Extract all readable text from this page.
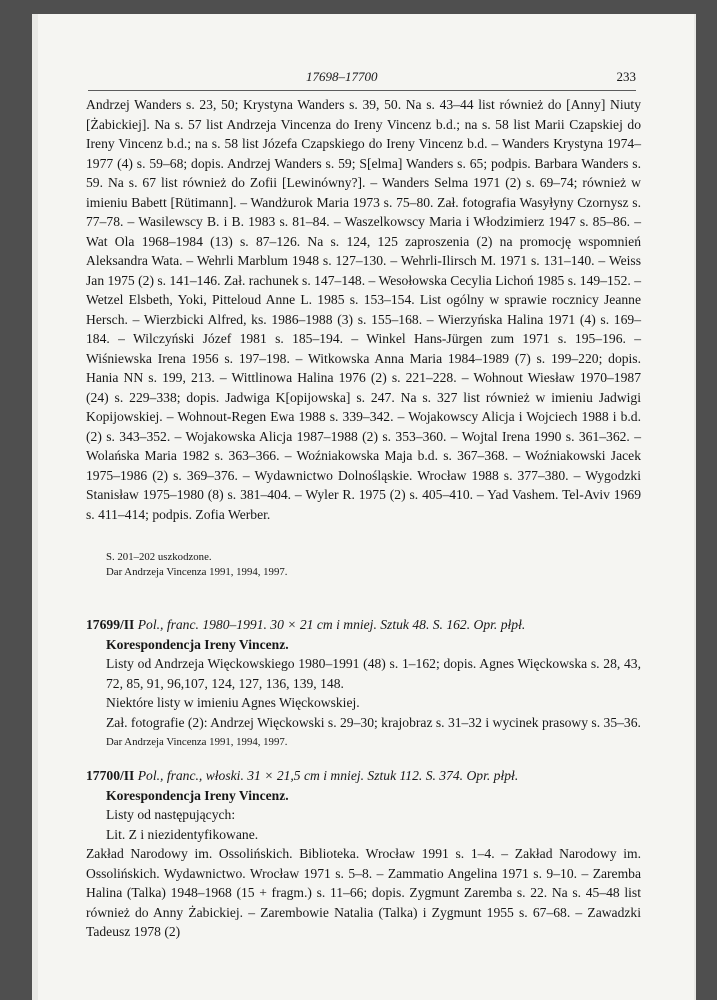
17698–17700	233

Andrzej Wanders s. 23, 50; Krystyna Wanders s. 39, 50. Na s. 43–44 list również do [Anny] Niuty [Żabickiej]. Na s. 57 list Andrzeja Vincenza do Ireny Vincenz b.d.; na s. 58 list Marii Czapskiej do Ireny Vincenz b.d.; na s. 58 list Józefa Czapskiego do Ireny Vincenz b.d. – Wanders Krystyna 1974–1977 (4) s. 59–68; dopis. Andrzej Wanders s. 59; S[elma] Wanders s. 65; podpis. Barbara Wanders s. 59. Na s. 67 list również do Zofii [Lewinówny?]. – Wanders Selma 1971 (2) s. 69–74; również w imieniu Babett [Rütimann]. – Wandżurok Maria 1973 s. 75–80. Zał. fotografia Wasyłyny Czornysz s. 77–78. – Wasilewscy B. i B. 1983 s. 81–84. – Waszelkowscy Maria i Włodzimierz 1947 s. 85–86. – Wat Ola 1968–1984 (13) s. 87–126. Na s. 124, 125 zaproszenia (2) na promocję wspomnień Aleksandra Wata. – Wehrli Marblum 1948 s. 127–130. – Wehrli-Ilirsch M. 1971 s. 131–140. – Weiss Jan 1975 (2) s. 141–146. Zał. rachunek s. 147–148. – Wesołowska Cecylia Lichoń 1985 s. 149–152. – Wetzel Elsbeth, Yoki, Pitteloud Anne L. 1985 s. 153–154. List ogólny w sprawie rocznicy Jeanne Hersch. – Wierzbicki Alfred, ks. 1986–1988 (3) s. 155–168. – Wierzyńska Halina 1971 (4) s. 169–184. – Wilczyński Józef 1981 s. 185–194. – Winkel Hans-Jürgen zum 1971 s. 195–196. – Wiśniewska Irena 1956 s. 197–198. – Witkowska Anna Maria 1984–1989 (7) s. 199–220; dopis. Hania NN s. 199, 213. – Wittlinowa Halina 1976 (2) s. 221–228. – Wohnout Wiesław 1970–1987 (24) s. 229–338; dopis. Jadwiga K[opijowska] s. 247. Na s. 327 list również w imieniu Jadwigi Kopijowskiej. – Wohnout-Regen Ewa 1988 s. 339–342. – Wojakowscy Alicja i Wojciech 1988 i b.d. (2) s. 343–352. – Wojakowska Alicja 1987–1988 (2) s. 353–360. – Wojtal Irena 1990 s. 361–362. – Wolańska Maria 1982 s. 363–366. – Woźniakowska Maja b.d. s. 367–368. – Woźniakowski Jacek 1975–1986 (2) s. 369–376. – Wydawnictwo Dolnośląskie. Wrocław 1988 s. 377–380. – Wygodzki Stanisław 1975–1980 (8) s. 381–404. – Wyler R. 1975 (2) s. 405–410. – Yad Vashem. Tel-Aviv 1969 s. 411–414; podpis. Zofia Werber.

S. 201–202 uszkodzone.

Dar Andrzeja Vincenza 1991, 1994, 1997.

17699/II Pol., franc. 1980–1991. 30 × 21 cm i mniej. Sztuk 48. S. 162. Opr. płpł.

Korespondencja Ireny Vincenz.

Listy od Andrzeja Więckowskiego 1980–1991 (48) s. 1–162; dopis. Agnes Więckowska s. 28, 43, 72, 85, 91, 96,107, 124, 127, 136, 139, 148.

Niektóre listy w imieniu Agnes Więckowskiej.

Zał. fotografie (2): Andrzej Więckowski s. 29–30; krajobraz s. 31–32 i wycinek prasowy s. 35–36.

Dar Andrzeja Vincenza 1991, 1994, 1997.

17700/II Pol., franc., włoski. 31 × 21,5 cm i mniej. Sztuk 112. S. 374. Opr. płpł.

Korespondencja Ireny Vincenz.

Listy od następujących:

Lit. Z i niezidentyfikowane.

Zakład Narodowy im. Ossolińskich. Biblioteka. Wrocław 1991 s. 1–4. – Zakład Narodowy im. Ossolińskich. Wydawnictwo. Wrocław 1971 s. 5–8. – Zammatio Angelina 1971 s. 9–10. – Zaremba Halina (Talka) 1948–1968 (15 + fragm.) s. 11–66; dopis. Zygmunt Zaremba s. 22. Na s. 45–48 list również do Anny Żabickiej. – Zarembowie Natalia (Talka) i Zygmunt 1955 s. 67–68. – Zawadzki Tadeusz 1978 (2)
